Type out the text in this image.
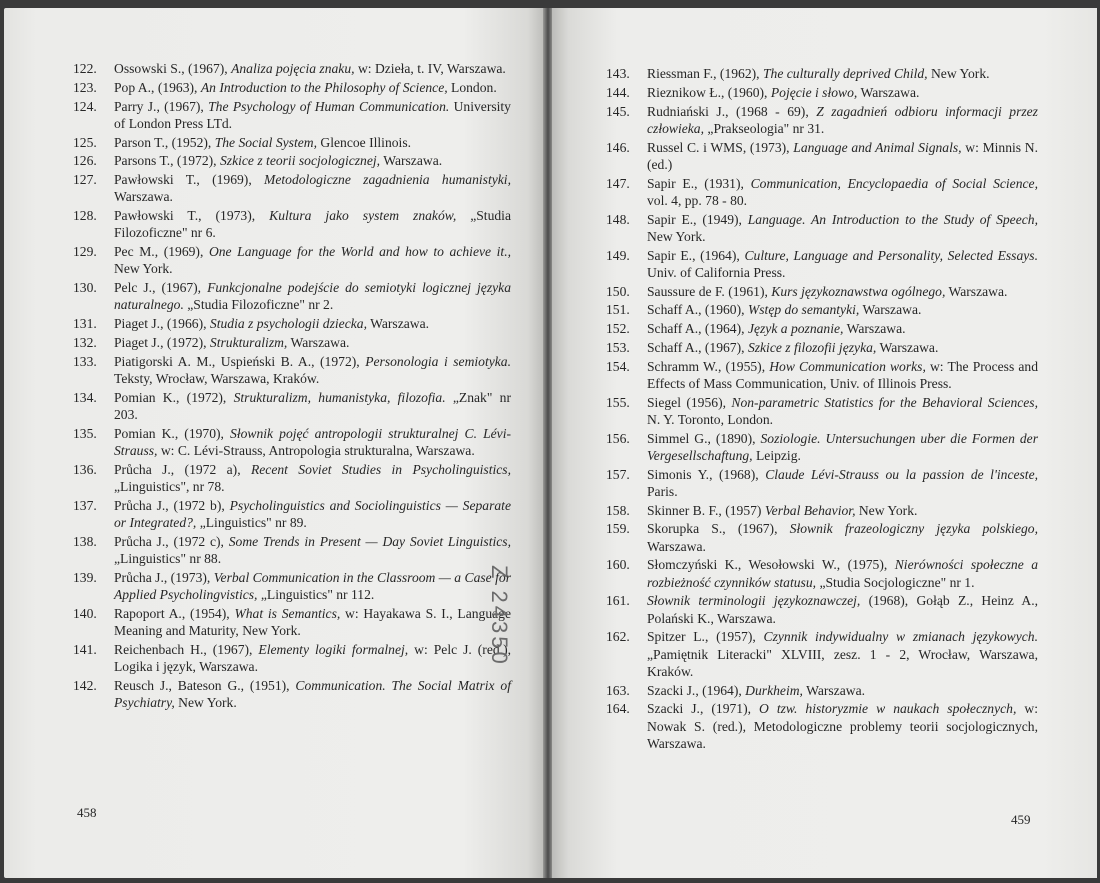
122. Ossowski S., (1967), Analiza pojęcia znaku, w: Dzieła, t. IV, Warszawa.
123. Pop A., (1963), An Introduction to the Philosophy of Science, London.
124. Parry J., (1967), The Psychology of Human Communication. University of London Press LTd.
125. Parson T., (1952), The Social System, Glencoe Illinois.
126. Parsons T., (1972), Szkice z teorii socjologicznej, Warszawa.
127. Pawłowski T., (1969), Metodologiczne zagadnienia humanistyki, Warszawa.
128. Pawłowski T., (1973), Kultura jako system znaków, „Studia Filozoficzne" nr 6.
129. Pec M., (1969), One Language for the World and how to achieve it., New York.
130. Pelc J., (1967), Funkcjonalne podejście do semiotyki logicznej języka naturalnego. „Studia Filozoficzne" nr 2.
131. Piaget J., (1966), Studia z psychologii dziecka, Warszawa.
132. Piaget J., (1972), Strukturalizm, Warszawa.
133. Piatigorski A. M., Uspieński B. A., (1972), Personologia i semiotyka. Teksty, Wrocław, Warszawa, Kraków.
134. Pomian K., (1972), Strukturalizm, humanistyka, filozofia. „Znak" nr 203.
135. Pomian K., (1970), Słownik pojęć antropologii strukturalnej C. Lévi-Strauss, w: C. Lévi-Strauss, Antropologia strukturalna, Warszawa.
136. Průcha J., (1972 a), Recent Soviet Studies in Psycholinguistics, „Linguistics", nr 78.
137. Průcha J., (1972 b), Psycholinguistics and Sociolinguistics — Separate or Integrated?, „Linguistics" nr 89.
138. Průcha J., (1972 c), Some Trends in Present — Day Soviet Linguistics, „Linguistics" nr 88.
139. Průcha J., (1973), Verbal Communication in the Classroom — a Case for Applied Psycholingvistics, „Linguistics" nr 112.
140. Rapoport A., (1954), What is Semantics, w: Hayakawa S. I., Language Meaning and Maturity, New York.
141. Reichenbach H., (1967), Elementy logiki formalnej, w: Pelc J. (red.), Logika i język, Warszawa.
142. Reusch J., Bateson G., (1951), Communication. The Social Matrix of Psychiatry, New York.
143. Riessman F., (1962), The culturally deprived Child, New York.
144. Rieznikow Ł., (1960), Pojęcie i słowo, Warszawa.
145. Rudniański J., (1968 - 69), Z zagadnień odbioru informacji przez człowieka, „Prakseologia" nr 31.
146. Russel C. i WMS, (1973), Language and Animal Signals, w: Minnis N. (ed.)
147. Sapir E., (1931), Communication, Encyclopaedia of Social Science, vol. 4, pp. 78 - 80.
148. Sapir E., (1949), Language. An Introduction to the Study of Speech, New York.
149. Sapir E., (1964), Culture, Language and Personality, Selected Essays. Univ. of California Press.
150. Saussure de F. (1961), Kurs językoznawstwa ogólnego, Warszawa.
151. Schaff A., (1960), Wstęp do semantyki, Warszawa.
152. Schaff A., (1964), Język a poznanie, Warszawa.
153. Schaff A., (1967), Szkice z filozofii języka, Warszawa.
154. Schramm W., (1955), How Communication works, w: The Process and Effects of Mass Communication, Univ. of Illinois Press.
155. Siegel (1956), Non-parametric Statistics for the Behavioral Sciences, N. Y. Toronto, London.
156. Simmel G., (1890), Soziologie. Untersuchungen uber die Formen der Vergesellschaftung, Leipzig.
157. Simonis Y., (1968), Claude Lévi-Strauss ou la passion de l'inceste, Paris.
158. Skinner B. F., (1957) Verbal Behavior, New York.
159. Skorupka S., (1967), Słownik frazeologiczny języka polskiego, Warszawa.
160. Słomczyński K., Wesołowski W., (1975), Nierówności społeczne a rozbieżność czynników statusu, „Studia Socjologiczne" nr 1.
161. Słownik terminologii językoznawczej, (1968), Gołąb Z., Heinz A., Polański K., Warszawa.
162. Spitzer L., (1957), Czynnik indywidualny w zmianach językowych. „Pamiętnik Literacki" XLVIII, zesz. 1 - 2, Wrocław, Warszawa, Kraków.
163. Szacki J., (1964), Durkheim, Warszawa.
164. Szacki J., (1971), O tzw. historyzmie w naukach społecznych, w: Nowak S. (red.), Metodologiczne problemy teorii socjologicznych, Warszawa.
Z 24350
458	459
